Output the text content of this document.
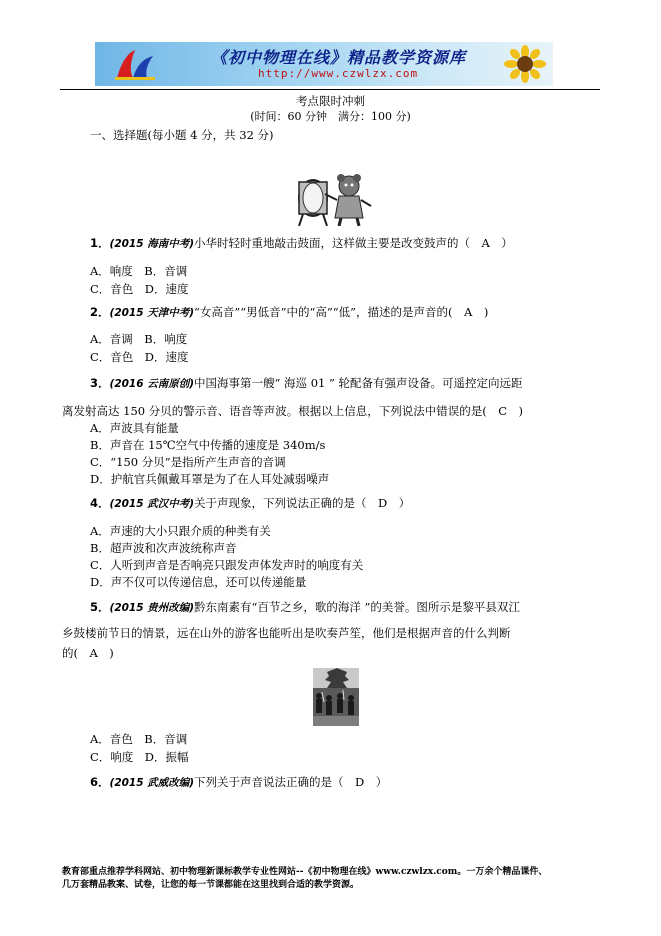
《初中物理在线》精品教学资源库
http://www.czwlzx.com
考点限时冲刺
(时间：60 分钟　满分：100 分)
一、选择题(每小题 4 分，共 32 分)
1．(2015 海南中考)小华时轻时重地敲击鼓面，这样做主要是改变鼓声的（　A　）
A．响度　B．音调
C．音色　D．速度
2．(2015 天津中考)“女高音”“男低音”中的“高”“低”，描述的是声音的(　A　)
A．音调　B．响度
C．音色　D．速度
3．(2016 云南原创)中国海事第一艘“ 海巡 01 ” 轮配备有强声设备。可遥控定向远距
离发射高达 150 分贝的警示音、语音等声波。根据以上信息，下列说法中错误的是(　C　)
A．声波具有能量
B．声音在 15℃空气中传播的速度是 340m/s
C．“150 分贝”是指所产生声音的音调
D．护航官兵佩戴耳罩是为了在人耳处减弱噪声
4．(2015 武汉中考)关于声现象，下列说法正确的是（　D　）
A．声速的大小只跟介质的种类有关
B．超声波和次声波统称声音
C．人听到声音是否响亮只跟发声体发声时的响度有关
D．声不仅可以传递信息，还可以传递能量
5．(2015 贵州改编)黔东南素有“百节之乡，歌的海洋 ”的美誉。图所示是黎平县双江
乡鼓楼前节日的情景，远在山外的游客也能听出是吹奏芦笙，他们是根据声音的什么判断
的(　A　)
A．音色　B．音调
C．响度　D．振幅
6．(2015 武威改编)下列关于声音说法正确的是（　D　）
教育部重点推荐学科网站、初中物理新课标教学专业性网站--《初中物理在线》www.czwlzx.com。一万余个精品课件、
几万套精品教案、试卷，让您的每一节课都能在这里找到合适的教学资源。
